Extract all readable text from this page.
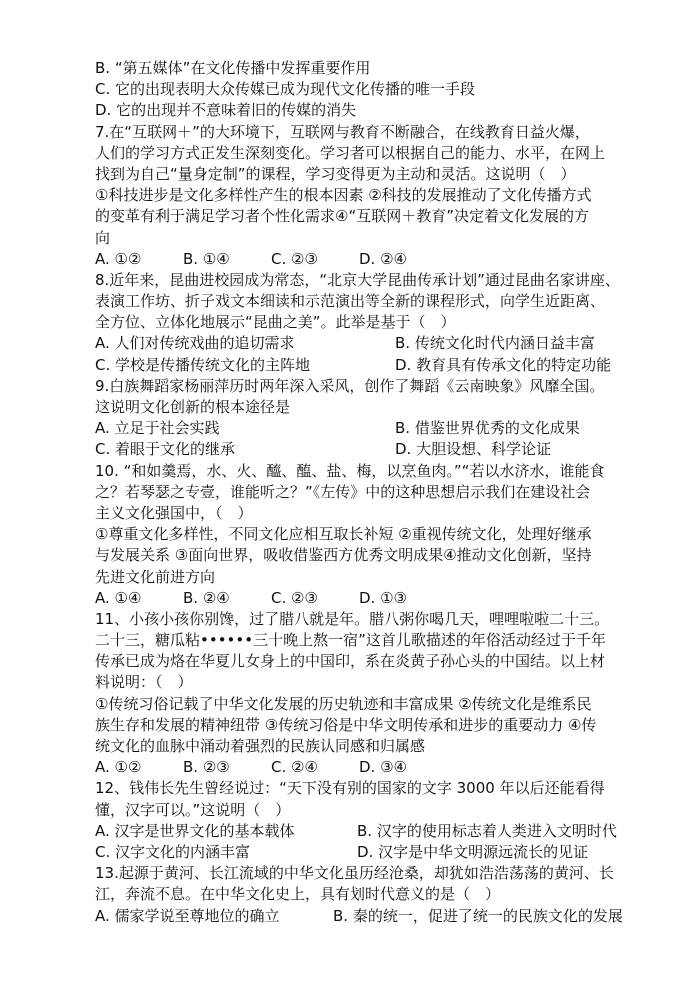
B. “第五媒体”在文化传播中发挥重要作用
C. 它的出现表明大众传媒已成为现代文化传播的唯一手段
D. 它的出现并不意味着旧的传媒的消失
7.在“互联网＋”的大环境下，互联网与教育不断融合，在线教育日益火爆，
人们的学习方式正发生深刻变化。学习者可以根据自己的能力、水平，在网上
找到为自己“量身定制”的课程，学习变得更为主动和灵活。这说明（　）
①科技进步是文化多样性产生的根本因素 ②科技的发展推动了文化传播方式
的变革有利于满足学习者个性化需求④“互联网＋教育”决定着文化发展的方
向
A. ①②	B. ①④	C. ②③	D. ②④
8.近年来，昆曲进校园成为常态，“北京大学昆曲传承计划”通过昆曲名家讲座、
表演工作坊、折子戏文本细读和示范演出等全新的课程形式，向学生近距离、
全方位、立体化地展示“昆曲之美”。此举是基于（　）
A. 人们对传统戏曲的追切需求	B. 传统文化时代内涵日益丰富
C. 学校是传播传统文化的主阵地	D. 教育具有传承文化的特定功能
9.白族舞蹈家杨丽萍历时两年深入采风，创作了舞蹈《云南映象》风靡全国。
这说明文化创新的根本途径是
A. 立足于社会实践	B. 借鉴世界优秀的文化成果
C. 着眼于文化的继承	D. 大胆设想、科学论证
10. “和如羹焉，水、火、醯、醢、盐、梅，以烹鱼肉。”“若以水济水，谁能食
之？若琴瑟之专壹，谁能听之？”《左传》中的这种思想启示我们在建设社会
主义文化强国中，（　）
①尊重文化多样性，不同文化应相互取长补短 ②重视传统文化，处理好继承
与发展关系 ③面向世界，吸收借鉴西方优秀文明成果④推动文化创新，坚持
先进文化前进方向
A. ①④	B. ②④	C. ②③	D. ①③
11、小孩小孩你别馋，过了腊八就是年。腊八粥你喝几天，哩哩啦啦二十三。
二十三，糖瓜粘••••••三十晚上熬一宿”这首儿歌描述的年俗活动经过于千年
传承已成为烙在华夏儿女身上的中国印，系在炎黄子孙心头的中国结。以上材
料说明：（　）
①传统习俗记载了中华文化发展的历史轨迹和丰富成果 ②传统文化是维系民
族生存和发展的精神纽带 ③传统习俗是中华文明传承和进步的重要动力 ④传
统文化的血脉中涌动着强烈的民族认同感和归属感
A. ①②	B. ②③	C. ②④	D. ③④
12、钱伟长先生曾经说过：“天下没有别的国家的文字 3000 年以后还能看得
懂，汉字可以。”这说明（　）
A. 汉字是世界文化的基本载体	B. 汉字的使用标志着人类进入文明时代
C. 汉字文化的内涵丰富	D. 汉字是中华文明源远流长的见证
13.起源于黄河、长江流域的中华文化虽历经沧桑，却犹如浩浩荡荡的黄河、长
江，奔流不息。在中华文化史上，具有划时代意义的是（　）
A. 儒家学说至尊地位的确立	B. 秦的统一，促进了统一的民族文化的发展
